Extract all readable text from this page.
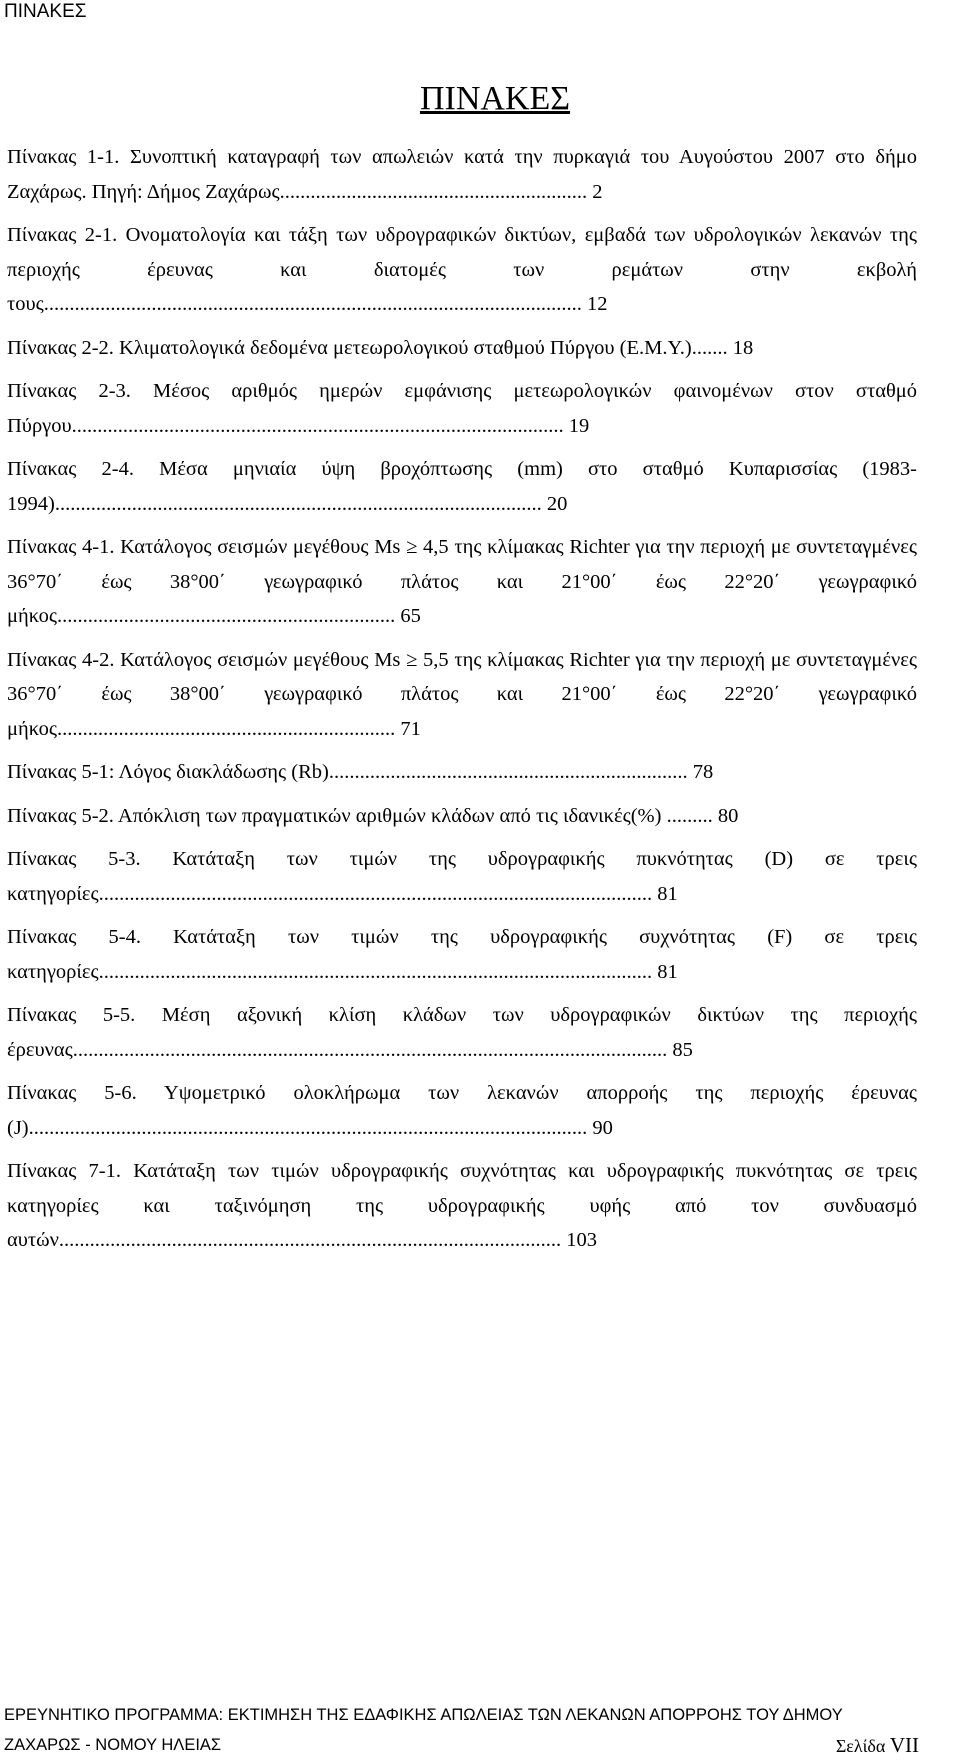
ΠΙΝΑΚΕΣ
ΠΙΝΑΚΕΣ
Πίνακας 1-1. Συνοπτική καταγραφή των απωλειών κατά την πυρκαγιά του Αυγούστου 2007 στο δήμο Ζαχάρως. Πηγή: Δήμος Ζαχάρως............................................................ 2
Πίνακας 2-1. Ονοματολογία και τάξη των υδρογραφικών δικτύων, εμβαδά των υδρολογικών λεκανών της περιοχής έρευνας και διατομές των ρεμάτων στην εκβολή τους......................................................................................................... 12
Πίνακας 2-2. Κλιματολογικά δεδομένα μετεωρολογικού σταθμού Πύργου (Ε.Μ.Υ.)....... 18
Πίνακας 2-3. Μέσος αριθμός ημερών εμφάνισης μετεωρολογικών φαινομένων στον σταθμό Πύργου................................................................................................ 19
Πίνακας 2-4. Μέσα μηνιαία ύψη βροχόπτωσης (mm) στο σταθμό Κυπαρισσίας (1983-1994)............................................................................................... 20
Πίνακας 4-1. Κατάλογος σεισμών μεγέθους Ms ≥ 4,5 της κλίμακας Richter για την περιοχή με συντεταγμένες 36°70΄ έως 38°00΄ γεωγραφικό πλάτος και 21°00΄ έως 22°20΄ γεωγραφικό μήκος.................................................................. 65
Πίνακας 4-2. Κατάλογος σεισμών μεγέθους Ms ≥ 5,5 της κλίμακας Richter για την περιοχή με συντεταγμένες 36°70΄ έως 38°00΄ γεωγραφικό πλάτος και 21°00΄ έως 22°20΄ γεωγραφικό μήκος.................................................................. 71
Πίνακας 5-1: Λόγος διακλάδωσης (Rb)...................................................................... 78
Πίνακας 5-2. Απόκλιση των πραγματικών αριθμών κλάδων από τις ιδανικές(%) ......... 80
Πίνακας 5-3. Κατάταξη των τιμών της υδρογραφικής πυκνότητας (D) σε τρεις κατηγορίες............................................................................................................ 81
Πίνακας 5-4. Κατάταξη των τιμών της υδρογραφικής συχνότητας (F) σε τρεις κατηγορίες............................................................................................................ 81
Πίνακας 5-5. Μέση αξονική κλίση κλάδων των υδρογραφικών δικτύων της περιοχής έρευνας.................................................................................................................... 85
Πίνακας 5-6. Υψομετρικό ολοκλήρωμα των λεκανών απορροής της περιοχής έρευνας (J)............................................................................................................. 90
Πίνακας 7-1. Κατάταξη των τιμών υδρογραφικής συχνότητας και υδρογραφικής πυκνότητας σε τρεις κατηγορίες και ταξινόμηση της υδρογραφικής υφής από τον συνδυασμό αυτών.................................................................................................. 103
ΕΡΕΥΝΗΤΙΚΟ ΠΡΟΓΡΑΜΜΑ: ΕΚΤΙΜΗΣΗ ΤΗΣ ΕΔΑΦΙΚΗΣ ΑΠΩΛΕΙΑΣ ΤΩΝ ΛΕΚΑΝΩΝ ΑΠΟΡΡΟΗΣ ΤΟΥ ΔΗΜΟΥ
ΖΑΧΑΡΩΣ - ΝΟΜΟΥ ΗΛΕΙΑΣ	Σελίδα VII
